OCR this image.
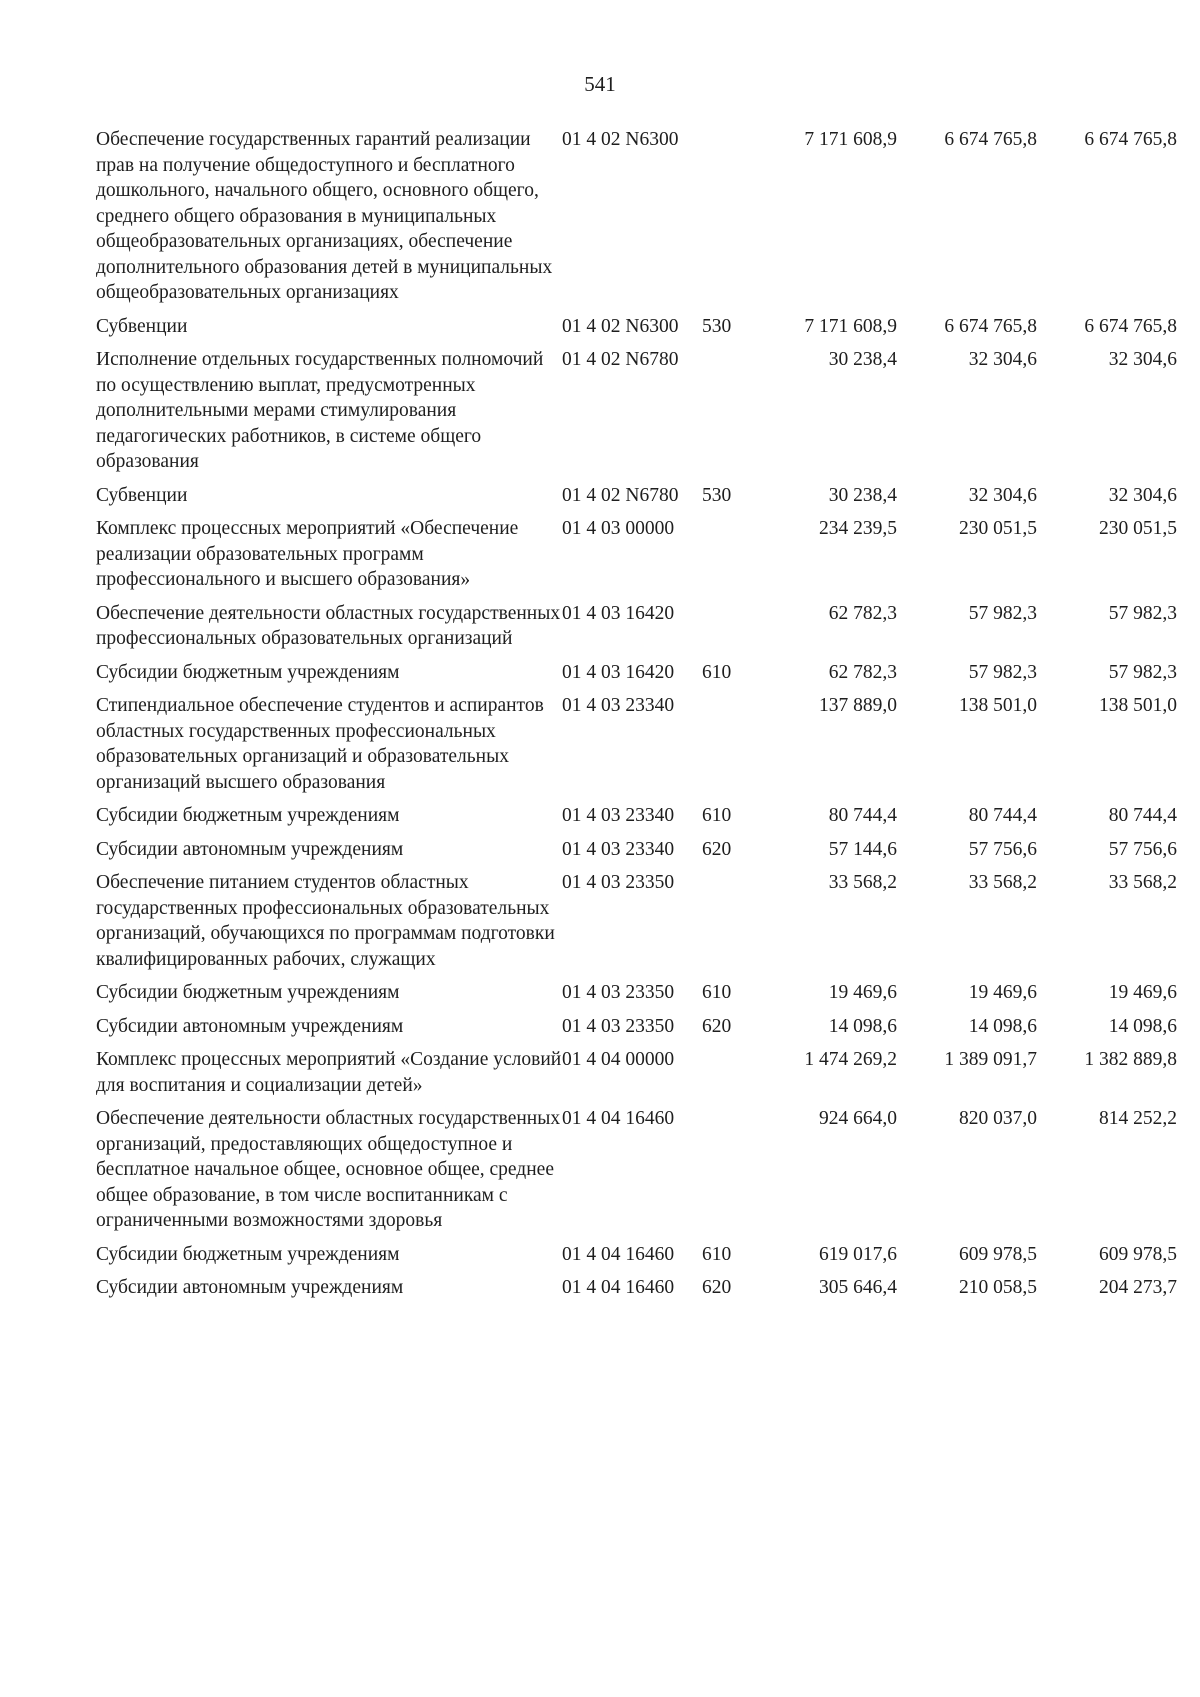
541
Обеспечение государственных гарантий реализации прав на получение общедоступного и бесплатного дошкольного, начального общего, основного общего, среднего общего образования в муниципальных общеобразовательных организациях, обеспечение дополнительного образования детей в муниципальных общеобразовательных организациях	01 4 02 N6300		7 171 608,9	6 674 765,8	6 674 765,8
Субвенции	01 4 02 N6300	530	7 171 608,9	6 674 765,8	6 674 765,8
Исполнение отдельных государственных полномочий по осуществлению выплат, предусмотренных дополнительными мерами стимулирования педагогических работников, в системе общего образования	01 4 02 N6780		30 238,4	32 304,6	32 304,6
Субвенции	01 4 02 N6780	530	30 238,4	32 304,6	32 304,6
Комплекс процессных мероприятий «Обеспечение реализации образовательных программ профессионального и высшего образования»	01 4 03 00000		234 239,5	230 051,5	230 051,5
Обеспечение деятельности областных государственных профессиональных образовательных организаций	01 4 03 16420		62 782,3	57 982,3	57 982,3
Субсидии бюджетным учреждениям	01 4 03 16420	610	62 782,3	57 982,3	57 982,3
Стипендиальное обеспечение студентов и аспирантов областных государственных профессиональных образовательных организаций и образовательных организаций высшего образования	01 4 03 23340		137 889,0	138 501,0	138 501,0
Субсидии бюджетным учреждениям	01 4 03 23340	610	80 744,4	80 744,4	80 744,4
Субсидии автономным учреждениям	01 4 03 23340	620	57 144,6	57 756,6	57 756,6
Обеспечение питанием студентов областных государственных профессиональных образовательных организаций, обучающихся по программам подготовки квалифицированных рабочих, служащих	01 4 03 23350		33 568,2	33 568,2	33 568,2
Субсидии бюджетным учреждениям	01 4 03 23350	610	19 469,6	19 469,6	19 469,6
Субсидии автономным учреждениям	01 4 03 23350	620	14 098,6	14 098,6	14 098,6
Комплекс процессных мероприятий «Создание условий для воспитания и социализации детей»	01 4 04 00000		1 474 269,2	1 389 091,7	1 382 889,8
Обеспечение деятельности областных государственных организаций, предоставляющих общедоступное и бесплатное начальное общее, основное общее, среднее общее образование, в том числе воспитанникам с ограниченными возможностями здоровья	01 4 04 16460		924 664,0	820 037,0	814 252,2
Субсидии бюджетным учреждениям	01 4 04 16460	610	619 017,6	609 978,5	609 978,5
Субсидии автономным учреждениям	01 4 04 16460	620	305 646,4	210 058,5	204 273,7
